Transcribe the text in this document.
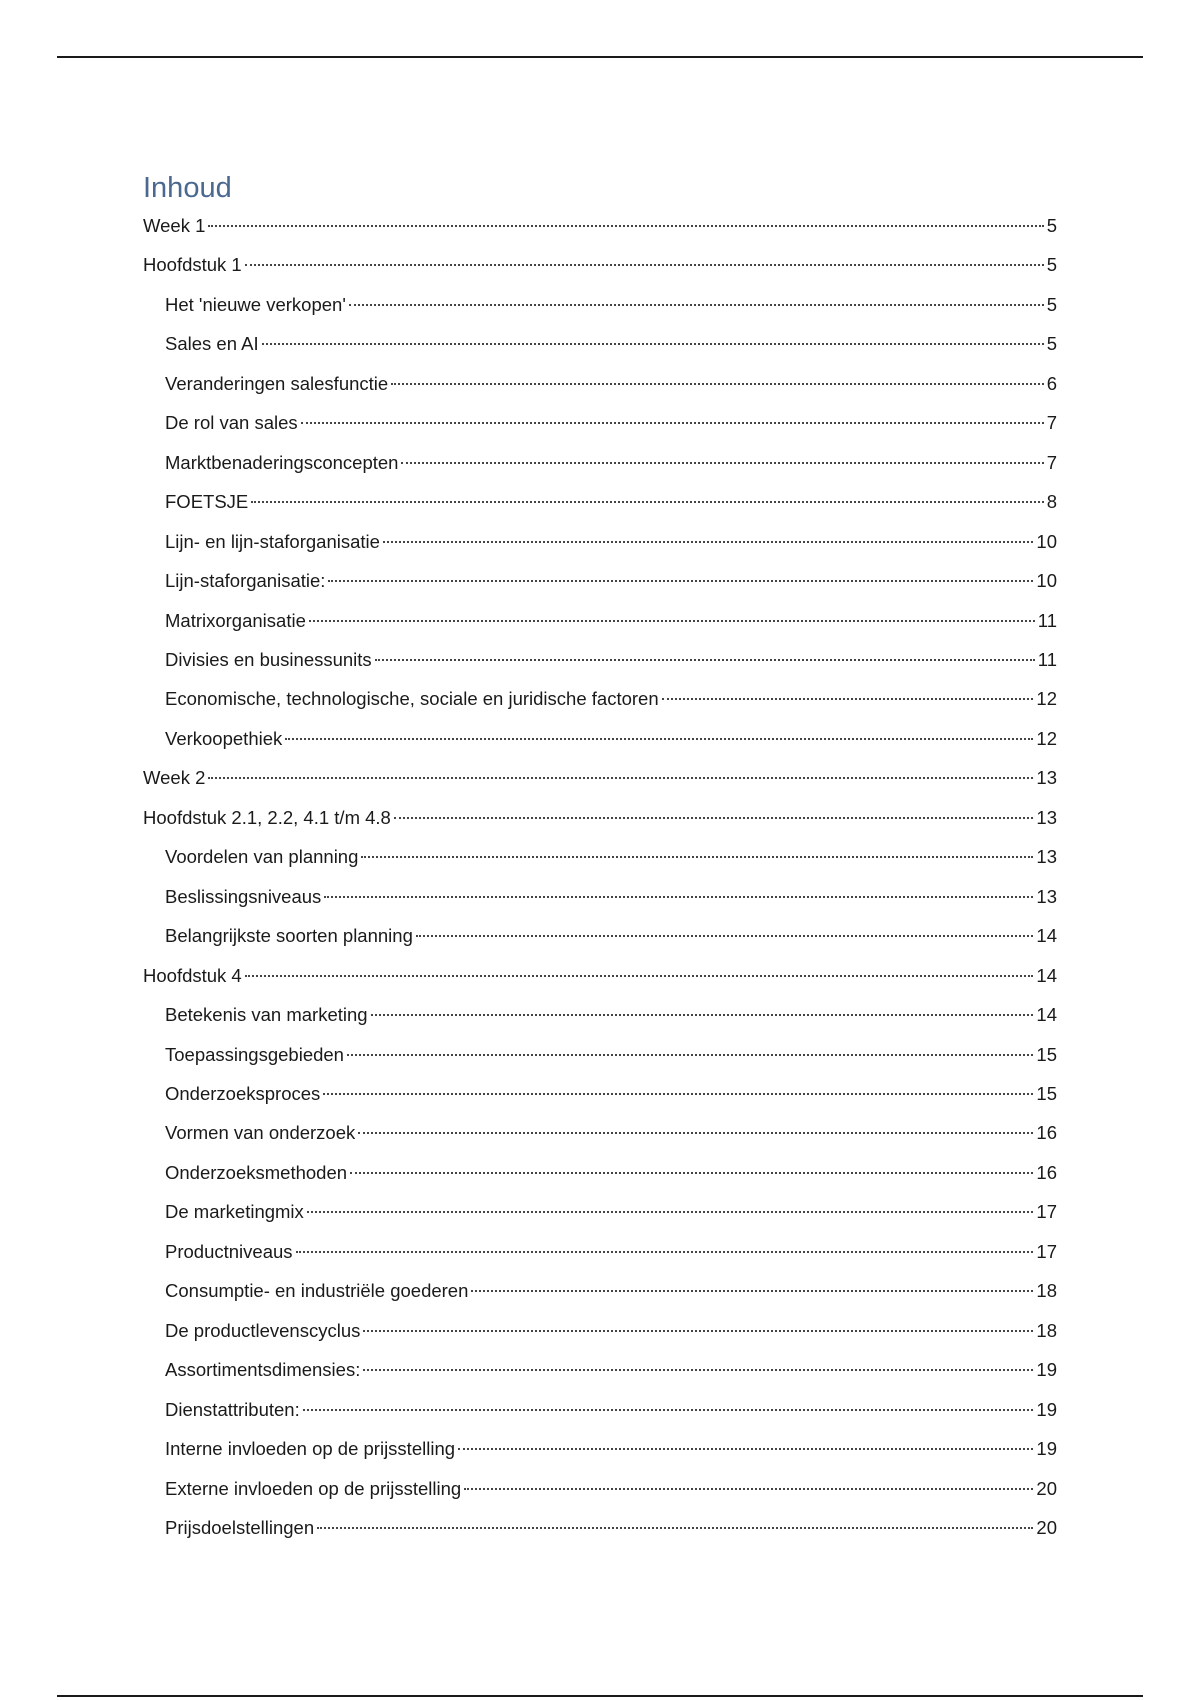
Inhoud
Week 1	5
Hoofdstuk 1	5
Het 'nieuwe verkopen'	5
Sales en AI	5
Veranderingen salesfunctie	6
De rol van sales	7
Marktbenaderingsconcepten	7
FOETSJE	8
Lijn- en lijn-staforganisatie	10
Lijn-staforganisatie:	10
Matrixorganisatie	11
Divisies en businessunits	11
Economische, technologische, sociale en juridische factoren	12
Verkoopethiek	12
Week 2	13
Hoofdstuk 2.1, 2.2, 4.1 t/m 4.8	13
Voordelen van planning	13
Beslissingsniveaus	13
Belangrijkste soorten planning	14
Hoofdstuk 4	14
Betekenis van marketing	14
Toepassingsgebieden	15
Onderzoeksproces	15
Vormen van onderzoek	16
Onderzoeksmethoden	16
De marketingmix	17
Productniveaus	17
Consumptie- en industriële goederen	18
De productlevenscyclus	18
Assortimentsdimensies:	19
Dienstattributen:	19
Interne invloeden op de prijsstelling	19
Externe invloeden op de prijsstelling	20
Prijsdoelstellingen	20
